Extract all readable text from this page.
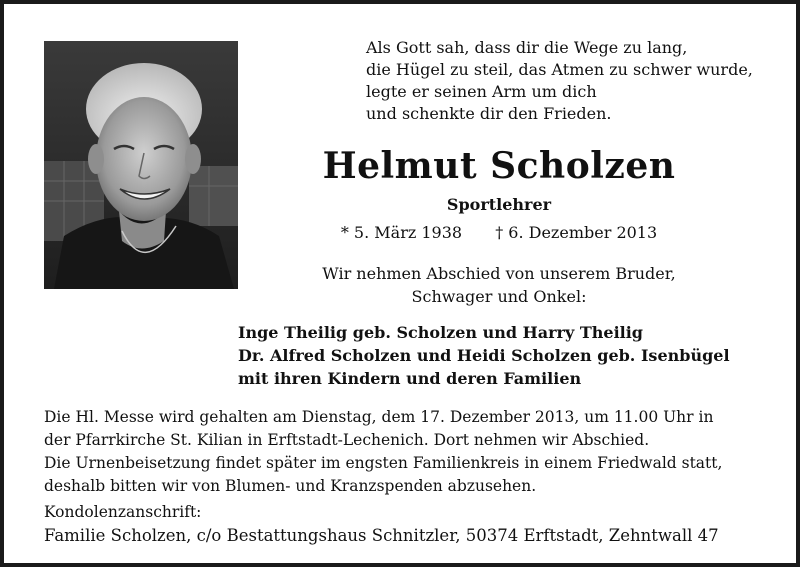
Als Gott sah, dass dir die Wege zu lang,
die Hügel zu steil, das Atmen zu schwer wurde,
legte er seinen Arm um dich
und schenkte dir den Frieden.
Helmut Scholzen
Sportlehrer
* 5. März 1938 † 6. Dezember 2013
Wir nehmen Abschied von unserem Bruder,
Schwager und Onkel:
Inge Theilig geb. Scholzen und Harry Theilig
Dr. Alfred Scholzen und Heidi Scholzen geb. Isenbügel
mit ihren Kindern und deren Familien
Die Hl. Messe wird gehalten am Dienstag, dem 17. Dezember 2013, um 11.00 Uhr in
der Pfarrkirche St. Kilian in Erftstadt-Lechenich. Dort nehmen wir Abschied.
Die Urnenbeisetzung findet später im engsten Familienkreis in einem Friedwald statt,
deshalb bitten wir von Blumen- und Kranzspenden abzusehen.
Kondolenzanschrift:
Familie Scholzen, c/o Bestattungshaus Schnitzler, 50374 Erftstadt, Zehntwall 47
